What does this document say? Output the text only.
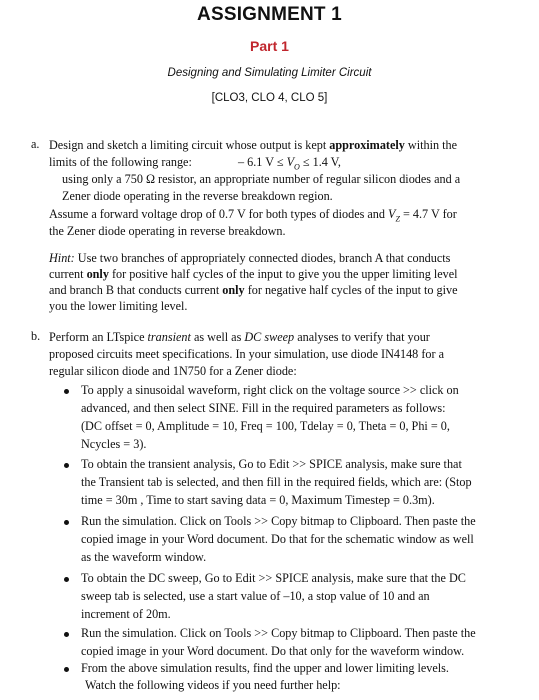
ASSIGNMENT 1
Part 1
Designing and Simulating Limiter Circuit
[CLO3, CLO 4, CLO 5]
a. Design and sketch a limiting circuit whose output is kept approximately within the
limits of the following range:	– 6.1 $V \le V_O \le 1.4$ V,
using only a 750 Ω resistor, an appropriate number of regular silicon diodes and a
Zener diode operating in the reverse breakdown region.
Assume a forward voltage drop of 0.7 V for both types of diodes and $V_Z = 4.7$ V for
the Zener diode operating in reverse breakdown.
Hint: Use two branches of appropriately connected diodes, branch A that conducts
current only for positive half cycles of the input to give you the upper limiting level
and branch B that conducts current only for negative half cycles of the input to give
you the lower limiting level.
b. Perform an LTspice transient as well as DC sweep analyses to verify that your
proposed circuits meet specifications. In your simulation, use diode IN4148 for a
regular silicon diode and 1N750 for a Zener diode:
To apply a sinusoidal waveform, right click on the voltage source >> click on
advanced, and then select SINE. Fill in the required parameters as follows:
(DC offset = 0, Amplitude = 10, Freq = 100, Tdelay = 0, Theta = 0, Phi = 0,
Ncycles = 3).
To obtain the transient analysis, Go to Edit >> SPICE analysis, make sure that
the Transient tab is selected, and then fill in the required fields, which are: (Stop
time = 30m , Time to start saving data = 0, Maximum Timestep = 0.3m).
Run the simulation. Click on Tools >> Copy bitmap to Clipboard. Then paste the
copied image in your Word document. Do that for the schematic window as well
as the waveform window.
To obtain the DC sweep, Go to Edit >> SPICE analysis, make sure that the DC
sweep tab is selected, use a start value of –10, a stop value of 10 and an
increment of 20m.
Run the simulation. Click on Tools >> Copy bitmap to Clipboard. Then paste the
copied image in your Word document. Do that only for the waveform window.
From the above simulation results, find the upper and lower limiting levels.
Watch the following videos if you need further help:
